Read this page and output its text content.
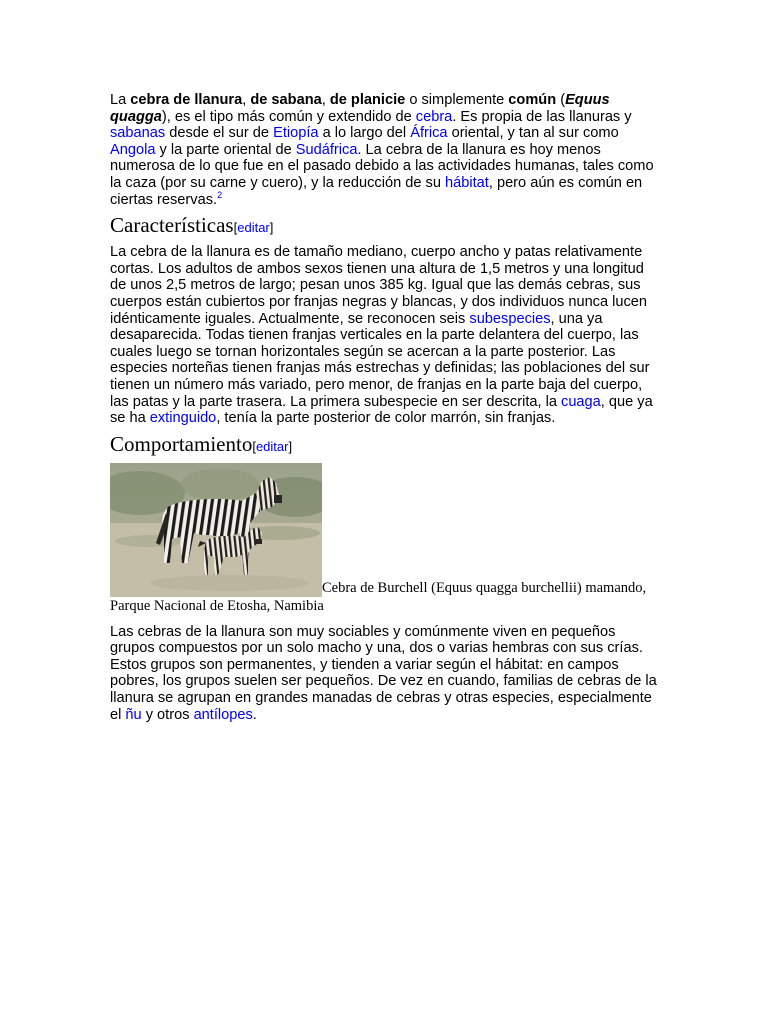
La cebra de llanura, de sabana, de planicie o simplemente común (Equus quagga), es el tipo más común y extendido de cebra. Es propia de las llanuras y sabanas desde el sur de Etiopía a lo largo del África oriental, y tan al sur como Angola y la parte oriental de Sudáfrica. La cebra de la llanura es hoy menos numerosa de lo que fue en el pasado debido a las actividades humanas, tales como la caza (por su carne y cuero), y la reducción de su hábitat, pero aún es común en ciertas reservas.$^2$

Características[editar]

La cebra de la llanura es de tamaño mediano, cuerpo ancho y patas relativamente cortas. Los adultos de ambos sexos tienen una altura de 1,5 metros y una longitud de unos 2,5 metros de largo; pesan unos 385 kg. Igual que las demás cebras, sus cuerpos están cubiertos por franjas negras y blancas, y dos individuos nunca lucen idénticamente iguales. Actualmente, se reconocen seis subespecies, una ya desaparecida. Todas tienen franjas verticales en la parte delantera del cuerpo, las cuales luego se tornan horizontales según se acercan a la parte posterior. Las especies norteñas tienen franjas más estrechas y definidas; las poblaciones del sur tienen un número más variado, pero menor, de franjas en la parte baja del cuerpo, las patas y la parte trasera. La primera subespecie en ser descrita, la cuaga, que ya se ha extinguido, tenía la parte posterior de color marrón, sin franjas.

Comportamiento[editar]
Cebra de Burchell (Equus quagga burchellii) mamando, Parque Nacional de Etosha, Namibia

Las cebras de la llanura son muy sociables y comúnmente viven en pequeños grupos compuestos por un solo macho y una, dos o varias hembras con sus crías. Estos grupos son permanentes, y tienden a variar según el hábitat: en campos pobres, los grupos suelen ser pequeños. De vez en cuando, familias de cebras de la llanura se agrupan en grandes manadas de cebras y otras especies, especialmente el ñu y otros antílopes.
